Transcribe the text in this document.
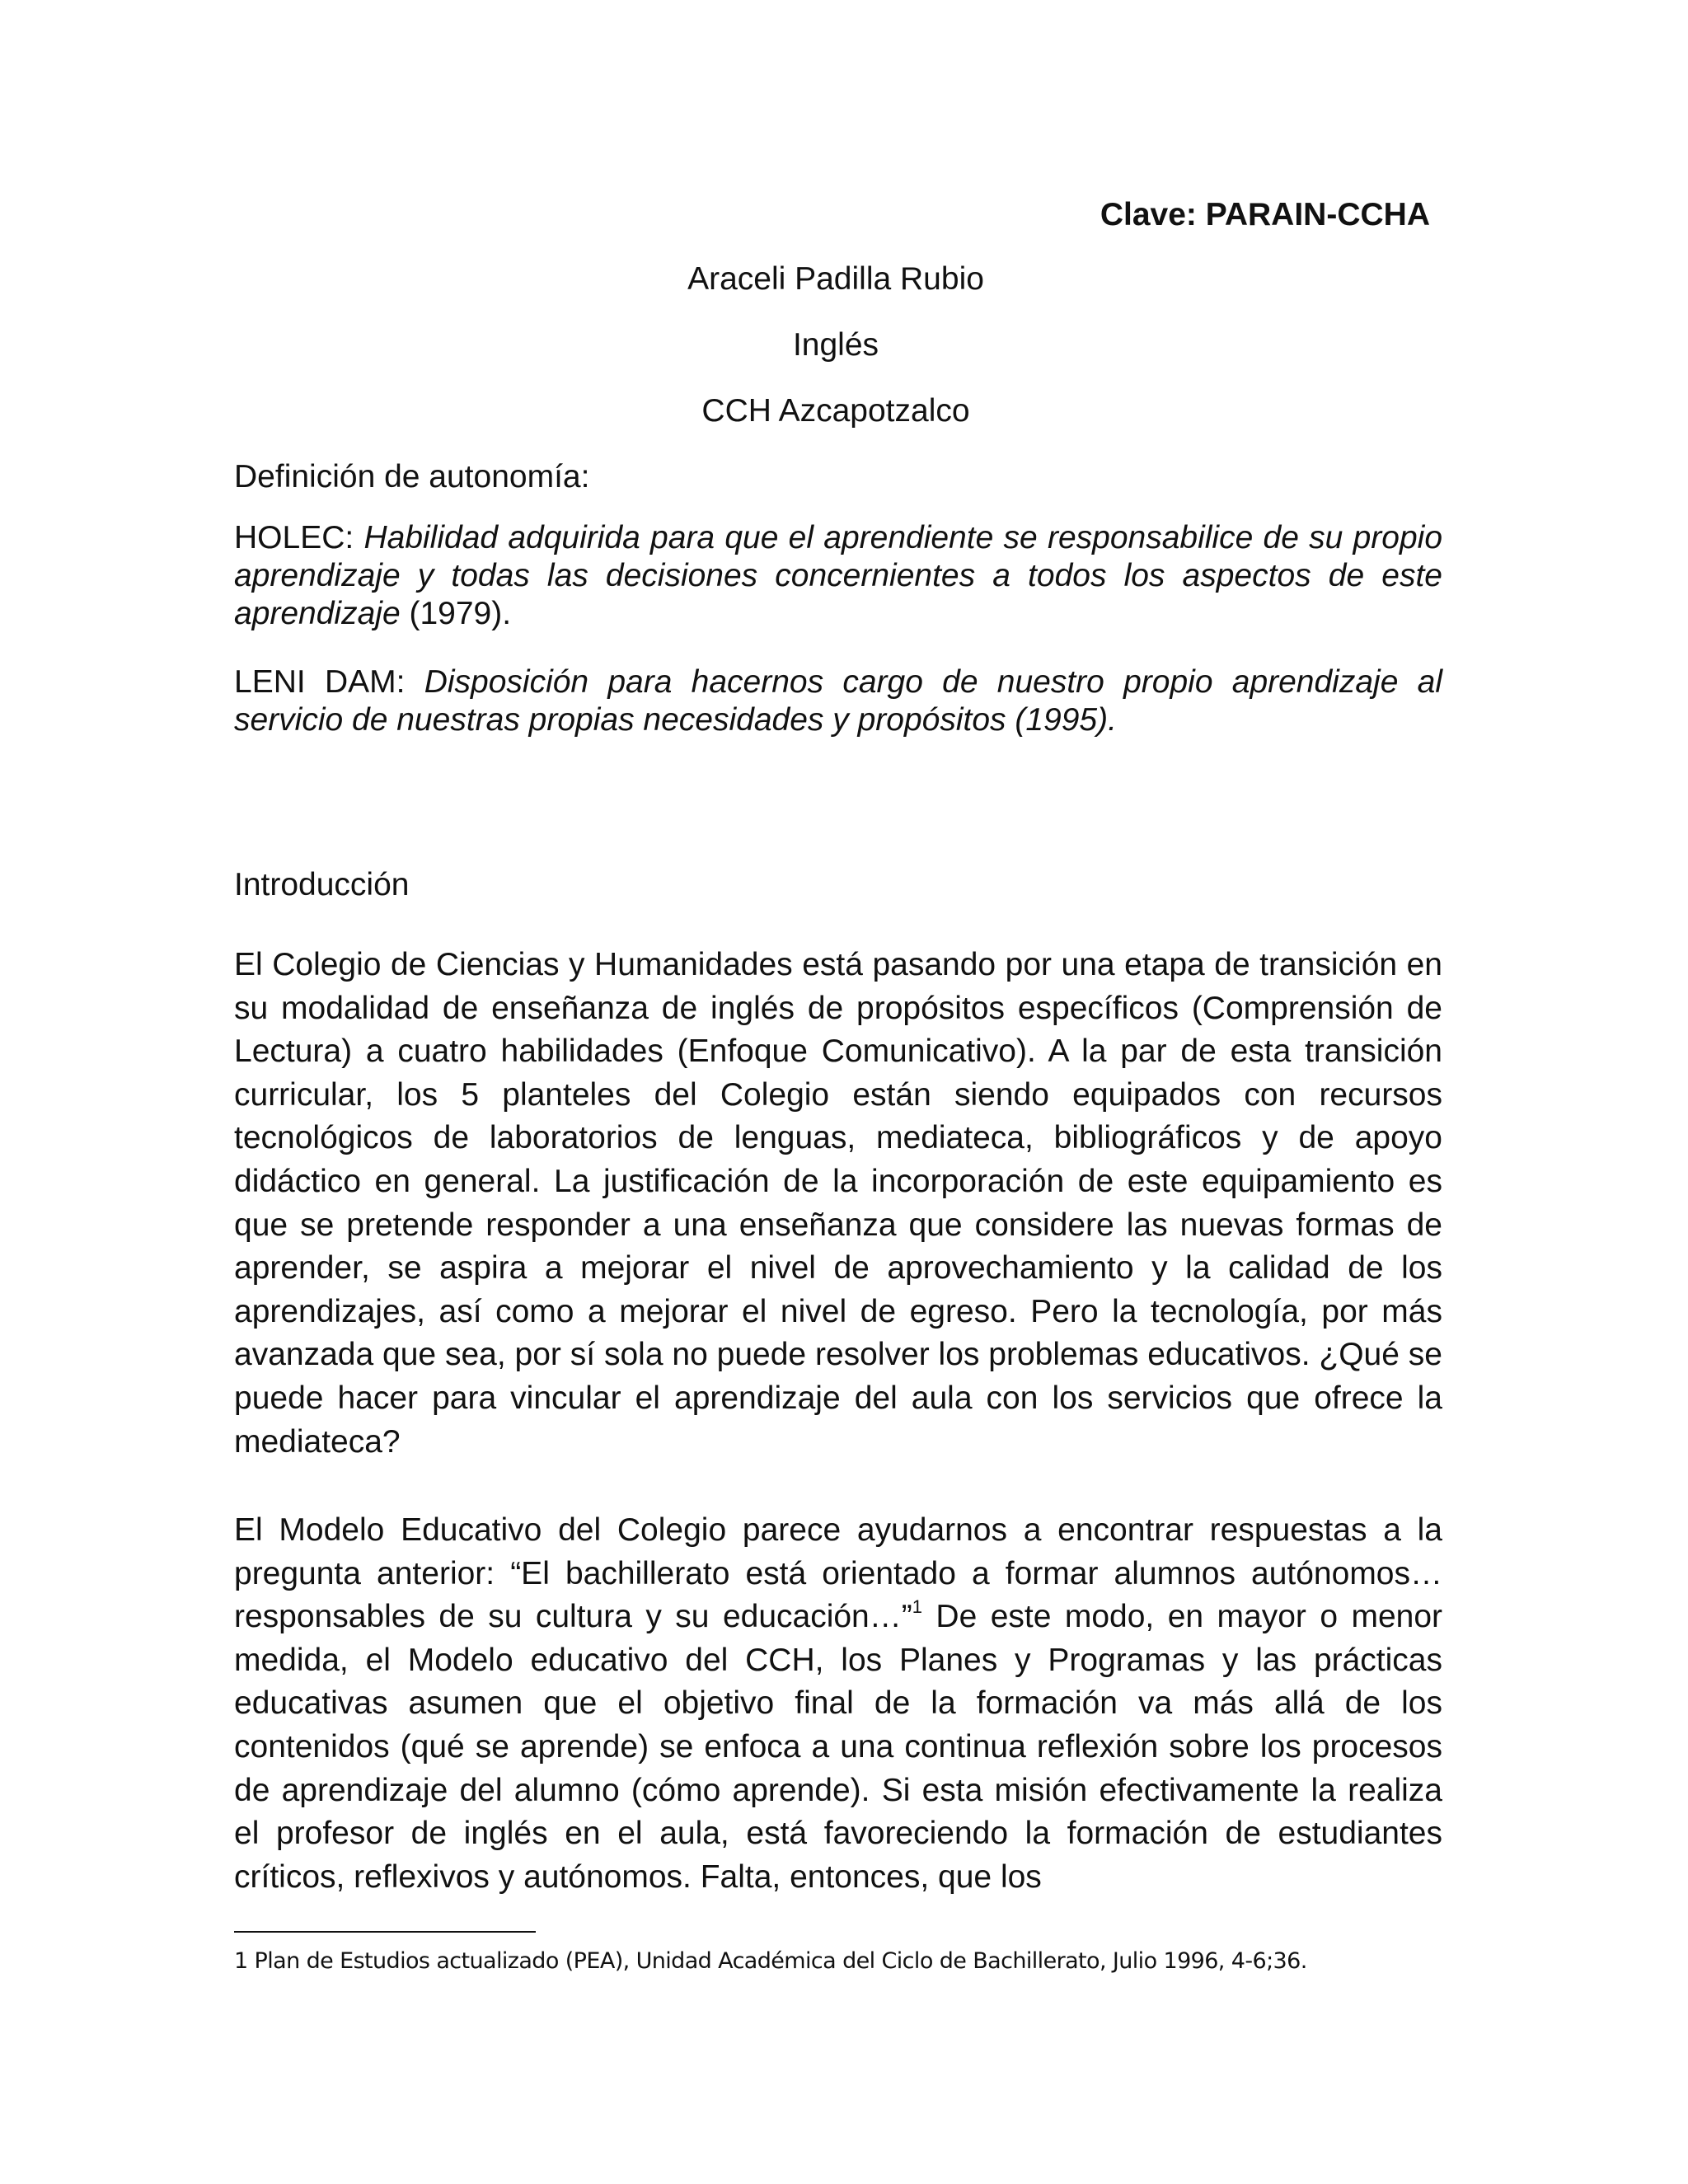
Clave: PARAIN-CCHA
Araceli Padilla Rubio
Inglés
CCH Azcapotzalco
Definición de autonomía:
HOLEC: Habilidad adquirida para que el aprendiente se responsabilice de su propio aprendizaje y todas las decisiones concernientes a todos los aspectos de este aprendizaje (1979).
LENI DAM: Disposición para hacernos cargo de nuestro propio aprendizaje al servicio de nuestras propias necesidades y propósitos (1995).
Introducción
El Colegio de Ciencias y Humanidades está pasando por una etapa de transición en su modalidad de enseñanza de inglés de propósitos específicos (Comprensión de Lectura) a cuatro habilidades (Enfoque Comunicativo). A la par de esta transición curricular, los 5 planteles del Colegio están siendo equipados con recursos tecnológicos de laboratorios de lenguas, mediateca, bibliográficos y de apoyo didáctico en general. La justificación de la incorporación de este equipamiento es que se pretende responder a una enseñanza que considere las nuevas formas de aprender, se aspira a mejorar el nivel de aprovechamiento y la calidad de los aprendizajes, así como a mejorar el nivel de egreso. Pero la tecnología, por más avanzada que sea, por sí sola no puede resolver los problemas educativos. ¿Qué se puede hacer para vincular el aprendizaje del aula con los servicios que ofrece la mediateca?
El Modelo Educativo del Colegio parece ayudarnos a encontrar respuestas a la pregunta anterior: “El bachillerato está orientado a formar alumnos autónomos… responsables de su cultura y su educación…”$^1$ De este modo, en mayor o menor medida, el Modelo educativo del CCH, los Planes y Programas y las prácticas educativas asumen que el objetivo final de la formación va más allá de los contenidos (qué se aprende) se enfoca a una continua reflexión sobre los procesos de aprendizaje del alumno (cómo aprende). Si esta misión efectivamente la realiza el profesor de inglés en el aula, está favoreciendo la formación de estudiantes críticos, reflexivos y autónomos. Falta, entonces, que los
1 Plan de Estudios actualizado (PEA), Unidad Académica del Ciclo de Bachillerato, Julio 1996, 4-6;36.
